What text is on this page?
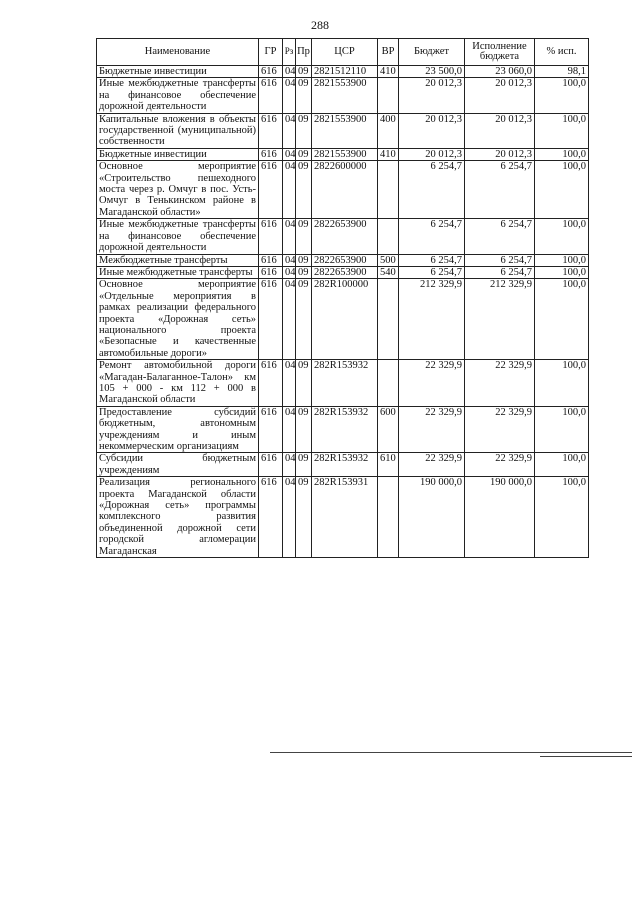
288
Наименование	ГР	Рз	Пр	ЦСР	ВР	Бюджет	Исполнение бюджета	% исп.
Бюджетные инвестиции	616	04	09	2821512110	410	23 500,0	23 060,0	98,1
Иные межбюджетные трансферты на финансовое обеспечение дорожной деятельности	616	04	09	2821553900		20 012,3	20 012,3	100,0
Капитальные вложения в объекты государственной (муниципальной) собственности	616	04	09	2821553900	400	20 012,3	20 012,3	100,0
Бюджетные инвестиции	616	04	09	2821553900	410	20 012,3	20 012,3	100,0
Основное мероприятие «Строительство пешеходного моста через р. Омчуг в пос. Усть-Омчуг в Тенькинском районе в Магаданской области»	616	04	09	2822600000		6 254,7	6 254,7	100,0
Иные межбюджетные трансферты на финансовое обеспечение дорожной деятельности	616	04	09	2822653900		6 254,7	6 254,7	100,0
Межбюджетные трансферты	616	04	09	2822653900	500	6 254,7	6 254,7	100,0
Иные межбюджетные трансферты	616	04	09	2822653900	540	6 254,7	6 254,7	100,0
Основное мероприятие «Отдельные мероприятия в рамках реализации федерального проекта «Дорожная сеть» национального проекта «Безопасные и качественные автомобильные дороги»	616	04	09	282R100000		212 329,9	212 329,9	100,0
Ремонт автомобильной дороги «Магадан-Балаганное-Талон» км 105 + 000 - км 112 + 000 в Магаданской области	616	04	09	282R153932		22 329,9	22 329,9	100,0
Предоставление субсидий бюджетным, автономным учреждениям и иным некоммерческим организациям	616	04	09	282R153932	600	22 329,9	22 329,9	100,0
Субсидии бюджетным учреждениям	616	04	09	282R153932	610	22 329,9	22 329,9	100,0
Реализация регионального проекта Магаданской области «Дорожная сеть» программы комплексного развития объединенной дорожной сети городской агломерации Магаданская	616	04	09	282R153931		190 000,0	190 000,0	100,0
